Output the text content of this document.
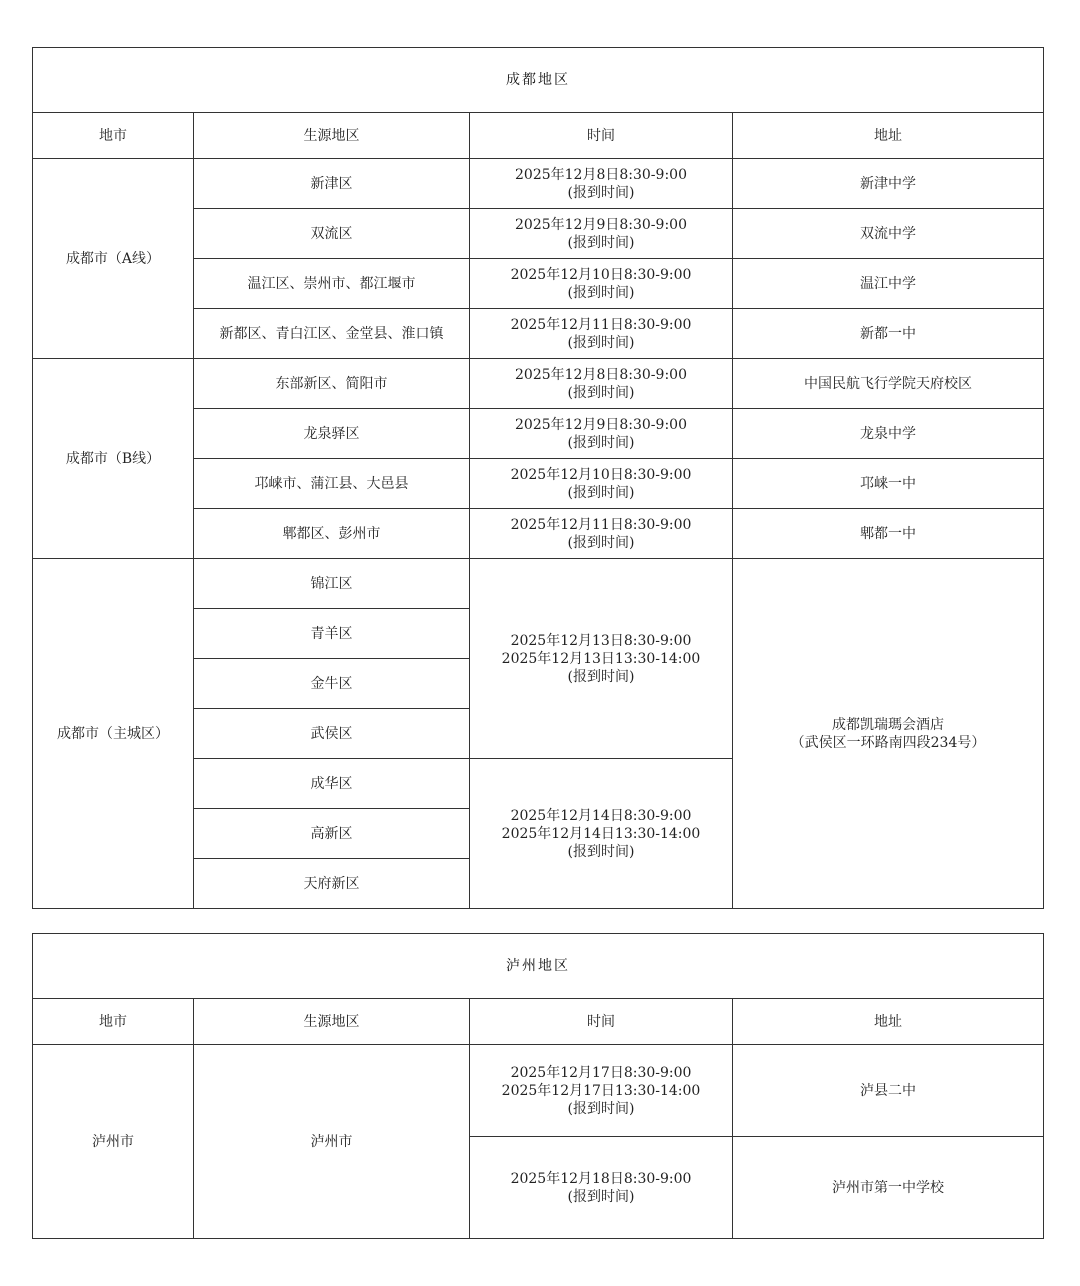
成都地区			
地市	生源地区	时间	地址
成都市（A线）	新津区	2025年12月8日8:30-9:00
(报到时间)	新津中学
	双流区	2025年12月9日8:30-9:00
(报到时间)	双流中学
	温江区、崇州市、都江堰市	2025年12月10日8:30-9:00
(报到时间)	温江中学
	新都区、青白江区、金堂县、淮口镇	2025年12月11日8:30-9:00
(报到时间)	新都一中
成都市（B线）	东部新区、简阳市	2025年12月8日8:30-9:00
(报到时间)	中国民航飞行学院天府校区
	龙泉驿区	2025年12月9日8:30-9:00
(报到时间)	龙泉中学
	邛崃市、蒲江县、大邑县	2025年12月10日8:30-9:00
(报到时间)	邛崃一中
	郫都区、彭州市	2025年12月11日8:30-9:00
(报到时间)	郫都一中
成都市（主城区）	锦江区	2025年12月13日8:30-9:00
2025年12月13日13:30-14:00
(报到时间)	成都凯瑞瑪会酒店
（武侯区一环路南四段234号）

	青羊区		
	金牛区		
	武侯区		
	成华区	2025年12月14日8:30-9:00
2025年12月14日13:30-14:00
(报到时间)	

	高新区		
	天府新区		
泸州地区			
地市	生源地区	时间	地址
泸州市	泸州市	2025年12月17日8:30-9:00
2025年12月17日13:30-14:00
(报到时间)	泸县二中

		2025年12月18日8:30-9:00
(报到时间)	泸州市第一中学校
